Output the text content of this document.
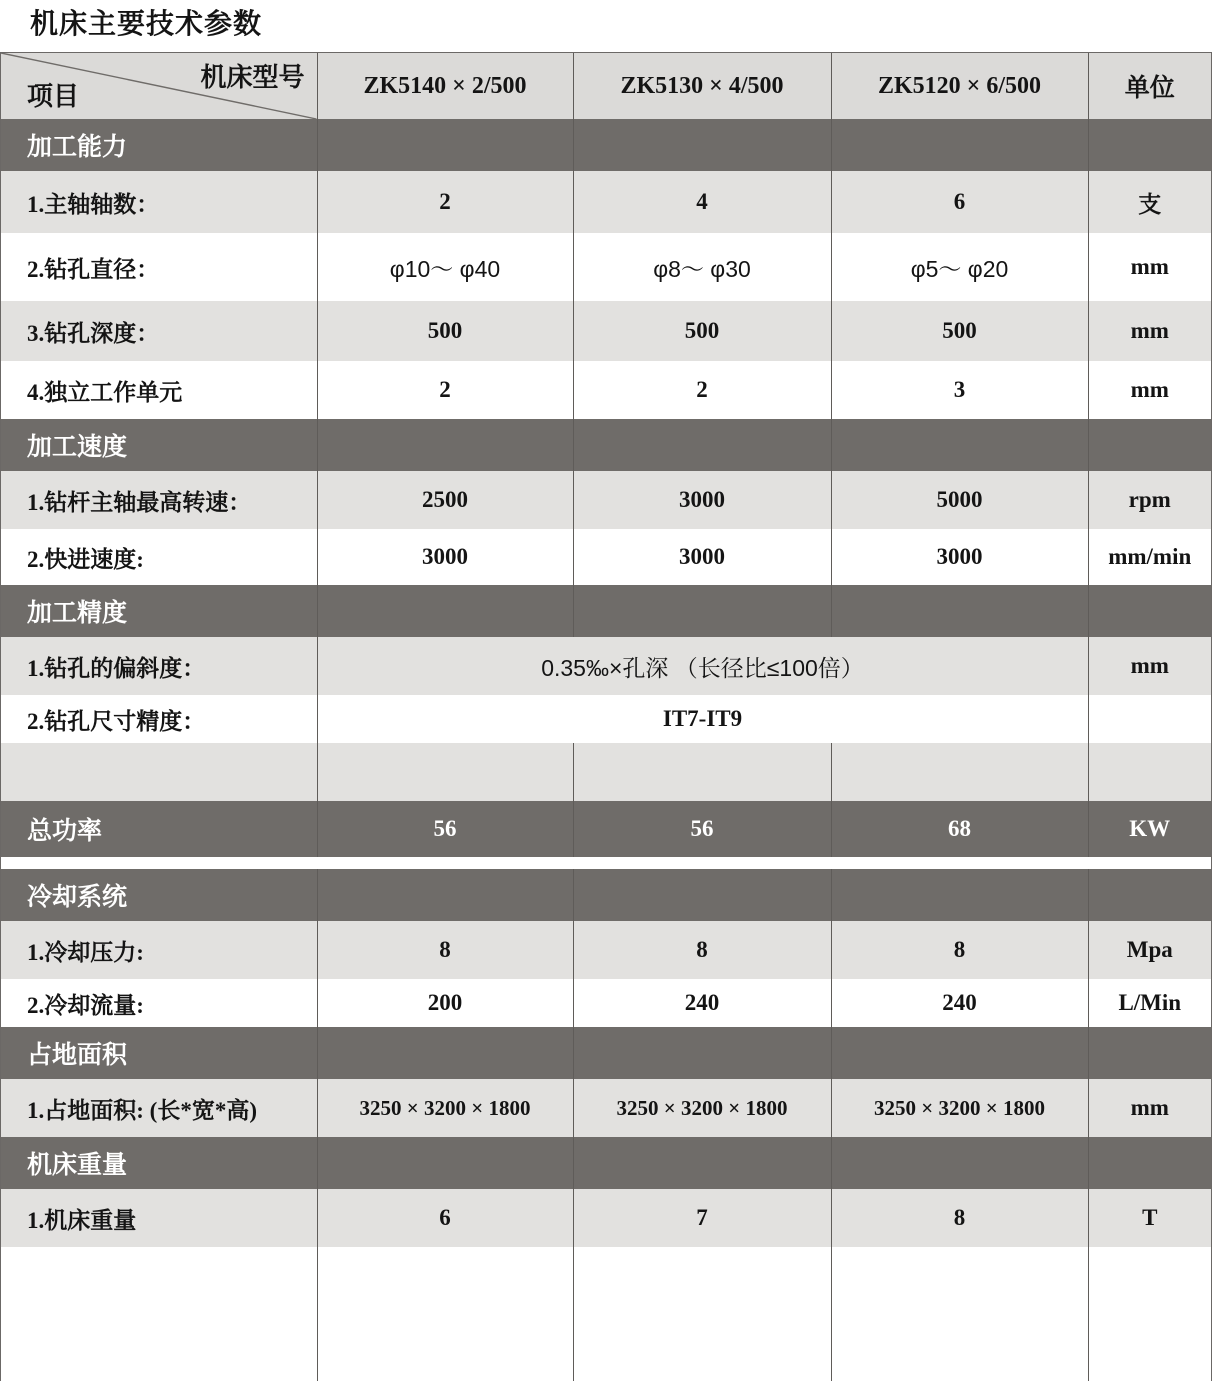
机床主要技术参数
机床型号
项目	ZK5140 × 2/500	ZK5130 × 4/500	ZK5120 × 6/500	单位
加工能力				
1.主轴轴数：	2	4	6	支
2.钻孔直径：	φ10～ φ40	φ8～ φ30	φ5～ φ20	mm
3.钻孔深度：	500	500	500	mm
4.独立工作单元	2	2	3	mm
加工速度				
1.钻杆主轴最高转速：	2500	3000	5000	rpm
2.快进速度:	3000	3000	3000	mm/min
加工精度				
1.钻孔的偏斜度：	0.35‰×孔深 （长径比≤100倍）			mm
2.钻孔尺寸精度：	IT7-IT9			

总功率	56	56	68	KW

冷却系统				
1.冷却压力:	8	8	8	Mpa
2.冷却流量:	200	240	240	L/Min
占地面积				
1.占地面积: (长*宽*高)	3250 × 3200 × 1800	3250 × 3200 × 1800	3250 × 3200 × 1800	mm
机床重量				
1.机床重量	6	7	8	T
